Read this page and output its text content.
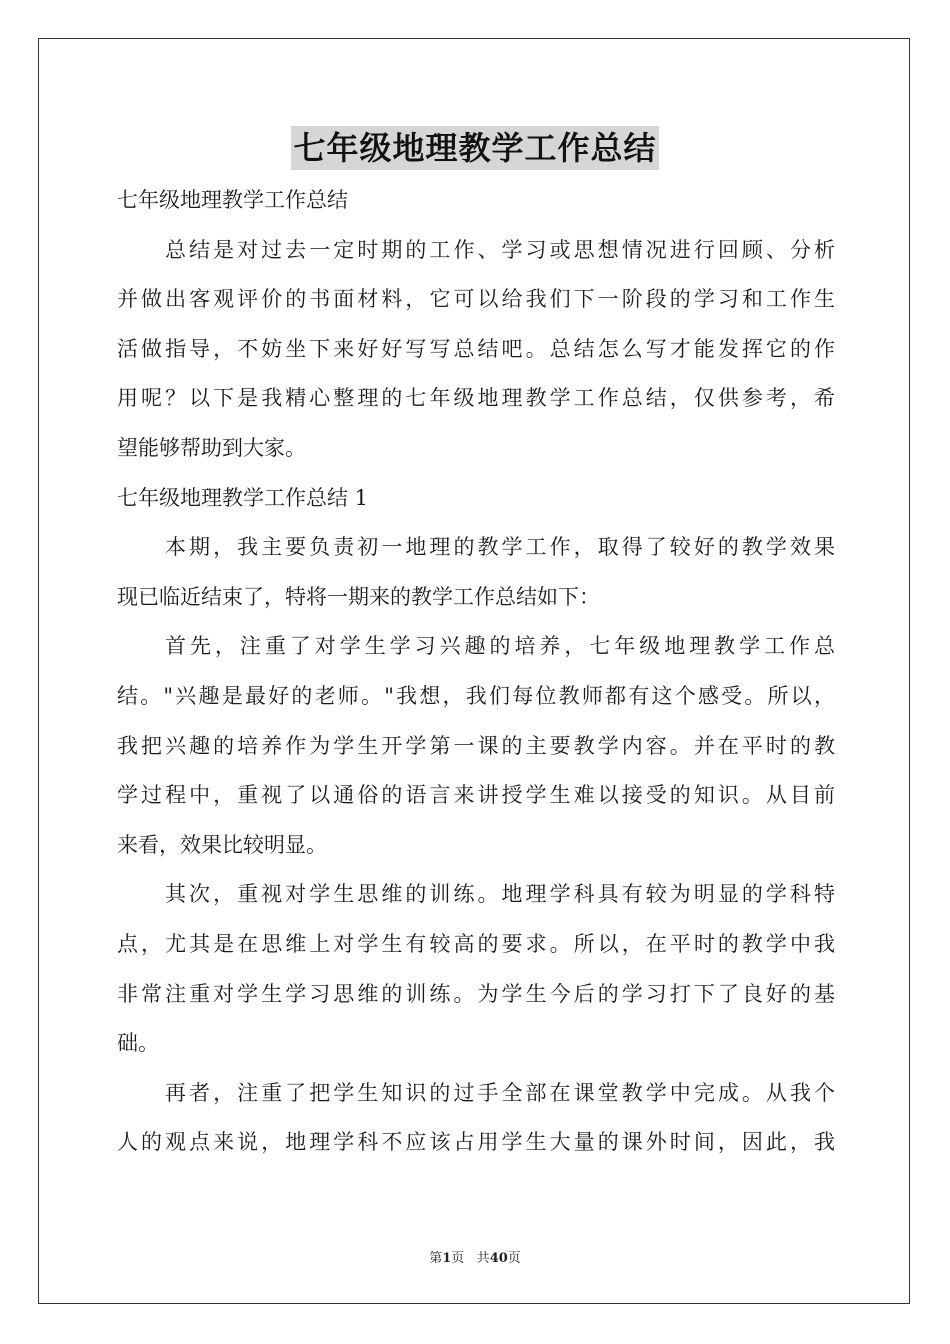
七年级地理教学工作总结
七年级地理教学工作总结
总结是对过去一定时期的工作、学习或思想情况进行回顾、分析
并做出客观评价的书面材料，它可以给我们下一阶段的学习和工作生
活做指导，不妨坐下来好好写写总结吧。总结怎么写才能发挥它的作
用呢？以下是我精心整理的七年级地理教学工作总结，仅供参考，希
望能够帮助到大家。
七年级地理教学工作总结 1
本期，我主要负责初一地理的教学工作，取得了较好的教学效果
现已临近结束了，特将一期来的教学工作总结如下：
首先，注重了对学生学习兴趣的培养，七年级地理教学工作总
结。"兴趣是最好的老师。"我想，我们每位教师都有这个感受。所以，
我把兴趣的培养作为学生开学第一课的主要教学内容。并在平时的教
学过程中，重视了以通俗的语言来讲授学生难以接受的知识。从目前
来看，效果比较明显。
其次，重视对学生思维的训练。地理学科具有较为明显的学科特
点，尤其是在思维上对学生有较高的要求。所以，在平时的教学中我
非常注重对学生学习思维的训练。为学生今后的学习打下了良好的基
础。
再者，注重了把学生知识的过手全部在课堂教学中完成。从我个
人的观点来说，地理学科不应该占用学生大量的课外时间，因此，我
第1页 共40页
